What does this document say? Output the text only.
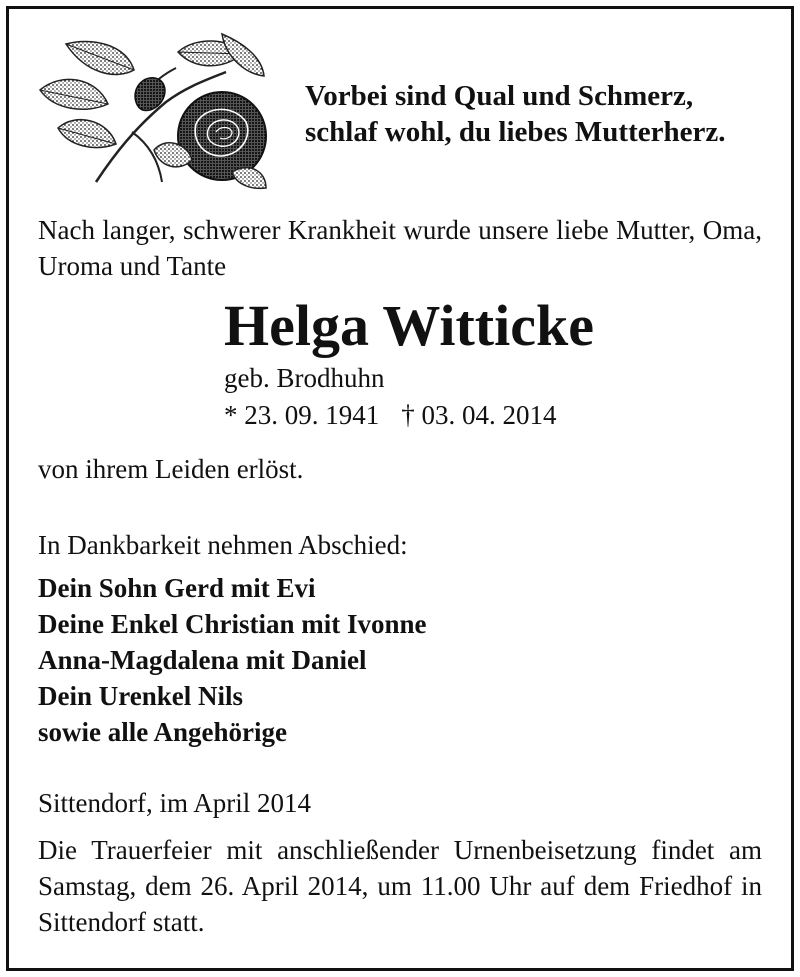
Vorbei sind Qual und Schmerz,
schlaf wohl, du liebes Mutterherz.
Nach langer, schwerer Krankheit wurde unsere liebe Mutter, Oma, Uroma und Tante
Helga Witticke
geb. Brodhuhn
* 23. 09. 1941 † 03. 04. 2014
von ihrem Leiden erlöst.
In Dankbarkeit nehmen Abschied:
Dein Sohn Gerd mit Evi
Deine Enkel Christian mit Ivonne
Anna-Magdalena mit Daniel
Dein Urenkel Nils
sowie alle Angehörige
Sittendorf, im April 2014
Die Trauerfeier mit anschließender Urnenbeisetzung findet am Samstag, dem 26. April 2014, um 11.00 Uhr auf dem Friedhof in Sittendorf statt.
